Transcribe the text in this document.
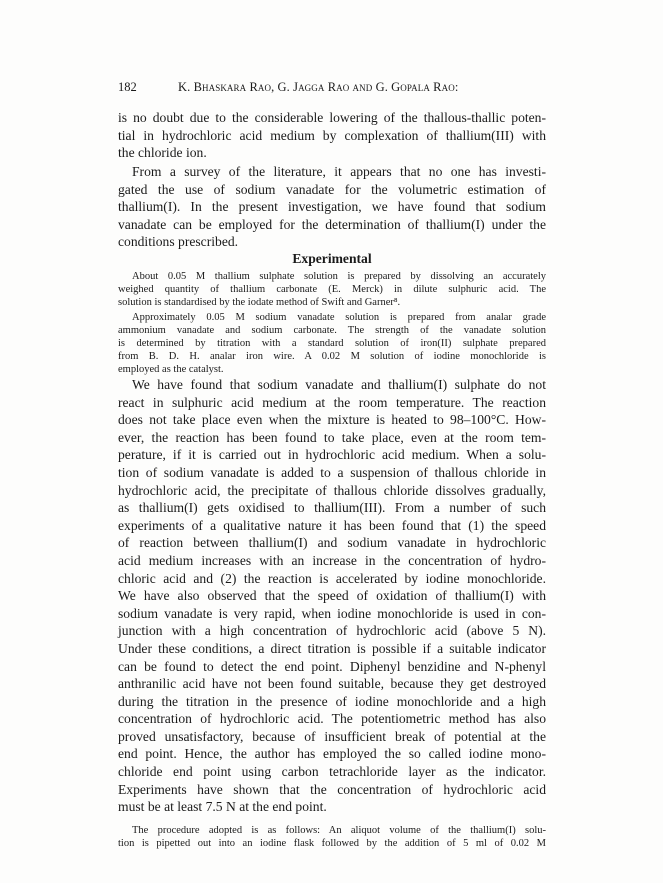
182	K. Bhaskara Rao, G. Jagga Rao and G. Gopala Rao:
is no doubt due to the considerable lowering of the thallous-thallic poten-
tial in hydrochloric acid medium by complexation of thallium(III) with
the chloride ion.
From a survey of the literature, it appears that no one has investi-
gated the use of sodium vanadate for the volumetric estimation of
thallium(I). In the present investigation, we have found that sodium
vanadate can be employed for the determination of thallium(I) under the
conditions prescribed.
Experimental
About 0.05 M thallium sulphate solution is prepared by dissolving an accurately
weighed quantity of thallium carbonate (E. Merck) in dilute sulphuric acid. The
solution is standardised by the iodate method of Swift and Garner⁸.
Approximately 0.05 M sodium vanadate solution is prepared from analar grade
ammonium vanadate and sodium carbonate. The strength of the vanadate solution
is determined by titration with a standard solution of iron(II) sulphate prepared
from B. D. H. analar iron wire. A 0.02 M solution of iodine monochloride is
employed as the catalyst.
We have found that sodium vanadate and thallium(I) sulphate do not
react in sulphuric acid medium at the room temperature. The reaction
does not take place even when the mixture is heated to 98–100°C. How-
ever, the reaction has been found to take place, even at the room tem-
perature, if it is carried out in hydrochloric acid medium. When a solu-
tion of sodium vanadate is added to a suspension of thallous chloride in
hydrochloric acid, the precipitate of thallous chloride dissolves gradually,
as thallium(I) gets oxidised to thallium(III). From a number of such
experiments of a qualitative nature it has been found that (1) the speed
of reaction between thallium(I) and sodium vanadate in hydrochloric
acid medium increases with an increase in the concentration of hydro-
chloric acid and (2) the reaction is accelerated by iodine monochloride.
We have also observed that the speed of oxidation of thallium(I) with
sodium vanadate is very rapid, when iodine monochloride is used in con-
junction with a high concentration of hydrochloric acid (above 5 N).
Under these conditions, a direct titration is possible if a suitable indicator
can be found to detect the end point. Diphenyl benzidine and N-phenyl
anthranilic acid have not been found suitable, because they get destroyed
during the titration in the presence of iodine monochloride and a high
concentration of hydrochloric acid. The potentiometric method has also
proved unsatisfactory, because of insufficient break of potential at the
end point. Hence, the author has employed the so called iodine mono-
chloride end point using carbon tetrachloride layer as the indicator.
Experiments have shown that the concentration of hydrochloric acid
must be at least 7.5 N at the end point.
The procedure adopted is as follows: An aliquot volume of the thallium(I) solu-
tion is pipetted out into an iodine flask followed by the addition of 5 ml of 0.02 M
